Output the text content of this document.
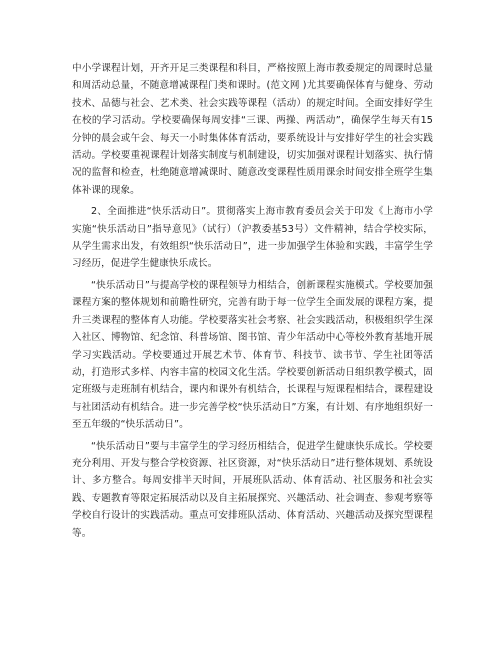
中小学课程计划，开齐开足三类课程和科目，严格按照上海市教委规定的周课时总量和周活动总量，不随意增减课程门类和课时。(范文网 )尤其要确保体育与健身、劳动技术、品德与社会、艺术类、社会实践等课程（活动）的规定时间。全面安排好学生在校的学习活动。学校要确保每周安排“三课、两操、两活动”，确保学生每天有15分钟的晨会或午会、每天一小时集体体育活动，要系统设计与安排好学生的社会实践活动。学校要重视课程计划落实制度与机制建设，切实加强对课程计划落实、执行情况的监督和检查，杜绝随意增减课时、随意改变课程性质用课余时间安排全班学生集体补课的现象。

2、全面推进“快乐活动日”。贯彻落实上海市教育委员会关于印发《上海市小学实施“快乐活动日”指导意见》（试行）（沪教委基53号）文件精神，结合学校实际，从学生需求出发，有效组织“快乐活动日”，进一步加强学生体验和实践，丰富学生学习经历，促进学生健康快乐成长。

“快乐活动日”与提高学校的课程领导力相结合，创新课程实施模式。学校要加强课程方案的整体规划和前瞻性研究，完善有助于每一位学生全面发展的课程方案，提升三类课程的整体育人功能。学校要落实社会考察、社会实践活动，积极组织学生深入社区、博物馆、纪念馆、科普场馆、图书馆、青少年活动中心等校外教育基地开展学习实践活动。学校要通过开展艺术节、体育节、科技节、读书节、学生社团等活动，打造形式多样、内容丰富的校园文化生活。学校要创新活动日组织教学模式，固定班级与走班制有机结合，课内和课外有机结合，长课程与短课程相结合，课程建设与社团活动有机结合。进一步完善学校“快乐活动日”方案，有计划、有序地组织好一至五年级的“快乐活动日”。

“快乐活动日”要与丰富学生的学习经历相结合，促进学生健康快乐成长。学校要充分利用、开发与整合学校资源、社区资源，对“快乐活动日”进行整体规划、系统设计、多方整合。每周安排半天时间，开展班队活动、体育活动、社区服务和社会实践、专题教育等限定拓展活动以及自主拓展探究、兴趣活动、社会调查、参观考察等学校自行设计的实践活动。重点可安排班队活动、体育活动、兴趣活动及探究型课程等。
